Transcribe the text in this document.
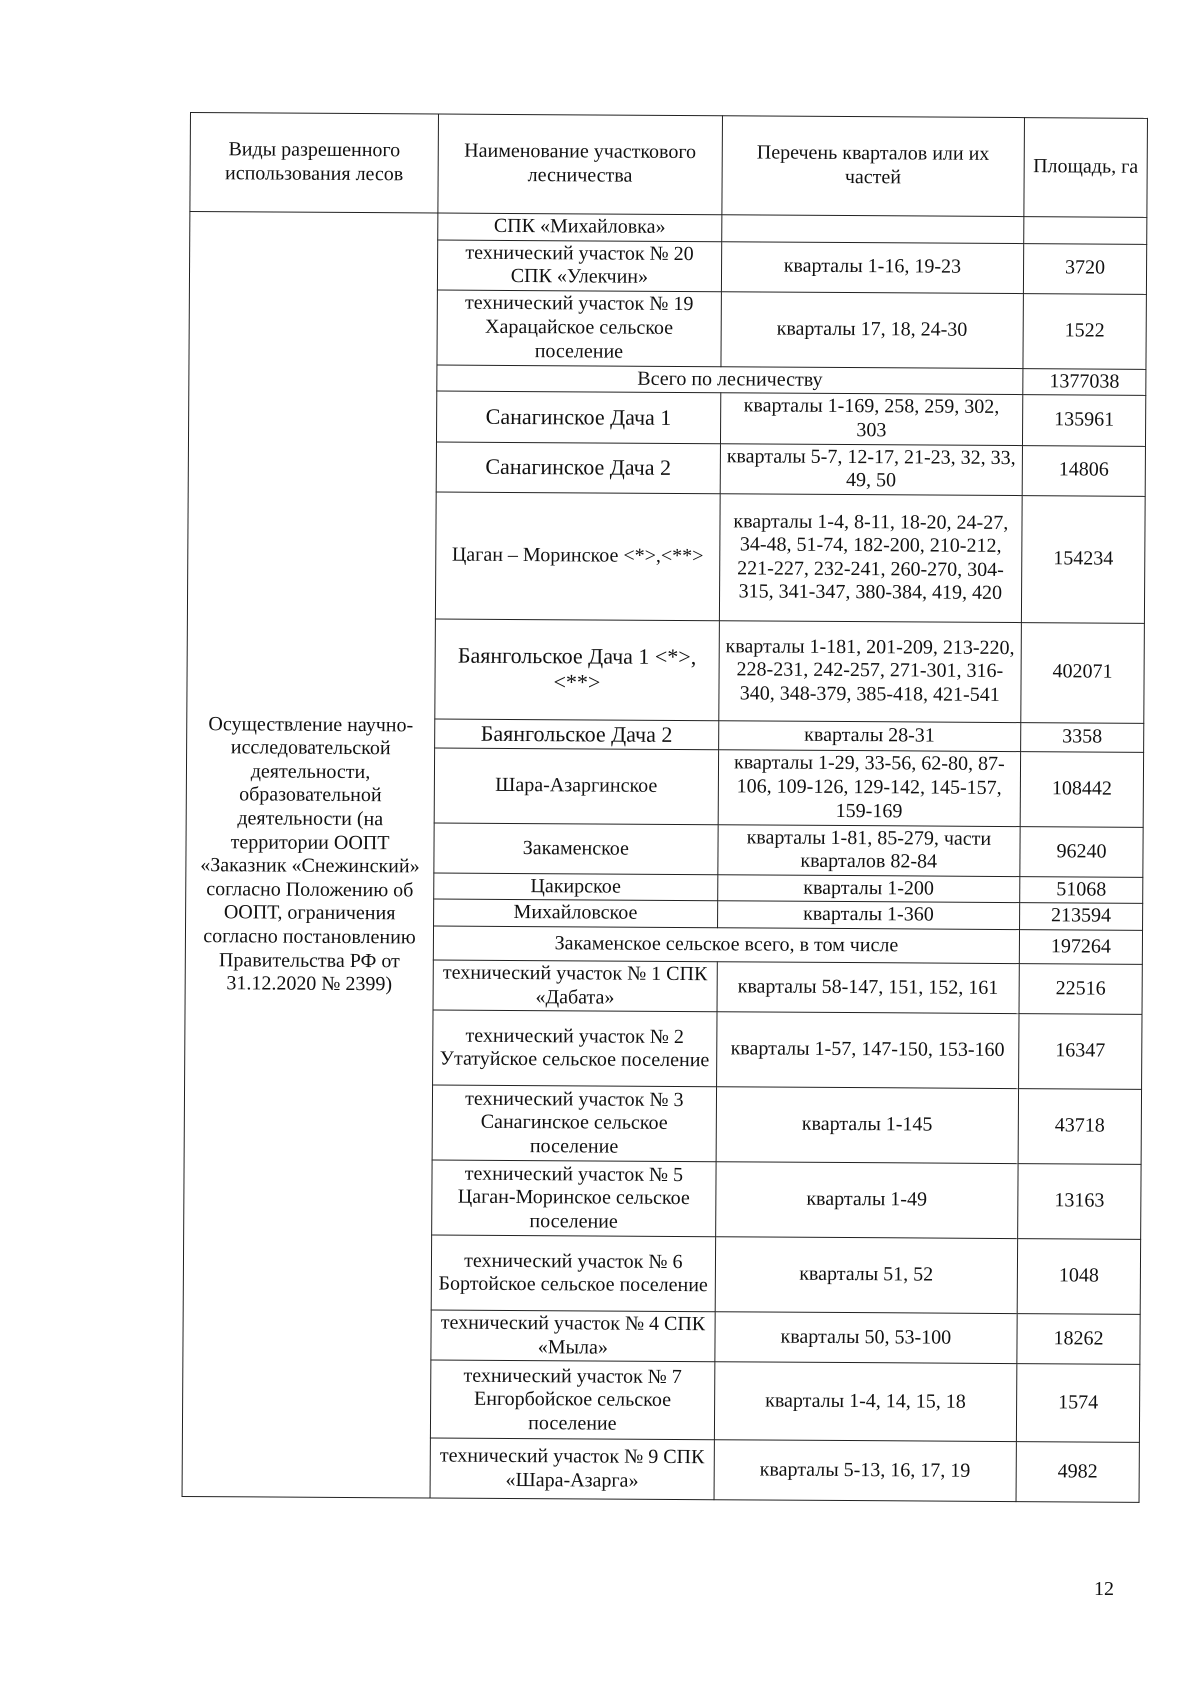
Виды разрешенного использования лесов	Наименование участкового лесничества	Перечень кварталов или их частей	Площадь, га
Осуществление научно-исследовательской деятельности, образовательной деятельности (на территории ООПТ «Заказник «Снежинский» согласно Положению об ООПТ, ограничения согласно постановлению Правительства РФ от 31.12.2020 № 2399)	СПК «Михайловка»		
	технический участок № 20 СПК «Улекчин»	кварталы 1-16, 19-23	3720
	технический участок № 19 Харацайское сельское поселение	кварталы 17, 18, 24-30	1522
	Всего по лесничеству		1377038
	Санагинское Дача 1	кварталы 1-169, 258, 259, 302, 303	135961
	Санагинское Дача 2	кварталы 5-7, 12-17, 21-23, 32, 33, 49, 50	14806
	Цаган – Моринское <*>,<**>	кварталы 1-4, 8-11, 18-20, 24-27, 34-48, 51-74, 182-200, 210-212, 221-227, 232-241, 260-270, 304-315, 341-347, 380-384, 419, 420	154234
	Баянгольское Дача 1 <*>, <**>	кварталы 1-181, 201-209, 213-220, 228-231, 242-257, 271-301, 316-340, 348-379, 385-418, 421-541	402071
	Баянгольское Дача 2	кварталы 28-31	3358
	Шара-Азаргинское	кварталы 1-29, 33-56, 62-80, 87-106, 109-126, 129-142, 145-157, 159-169	108442
	Закаменское	кварталы 1-81, 85-279, части кварталов 82-84	96240
	Цакирское	кварталы 1-200	51068
	Михайловское	кварталы 1-360	213594
	Закаменское сельское всего, в том числе		197264
	технический участок № 1 СПК «Дабата»	кварталы 58-147, 151, 152, 161	22516
	технический участок № 2 Утатуйское сельское поселение	кварталы 1-57, 147-150, 153-160	16347
	технический участок № 3 Санагинское сельское поселение	кварталы 1-145	43718
	технический участок № 5 Цаган-Моринское сельское поселение	кварталы 1-49	13163
	технический участок № 6 Бортойское сельское поселение	кварталы 51, 52	1048
	технический участок № 4 СПК «Мыла»	кварталы 50, 53-100	18262
	технический участок № 7 Енгорбойское сельское поселение	кварталы 1-4, 14, 15, 18	1574
	технический участок № 9 СПК «Шара-Азарга»	кварталы 5-13, 16, 17, 19	4982
12
